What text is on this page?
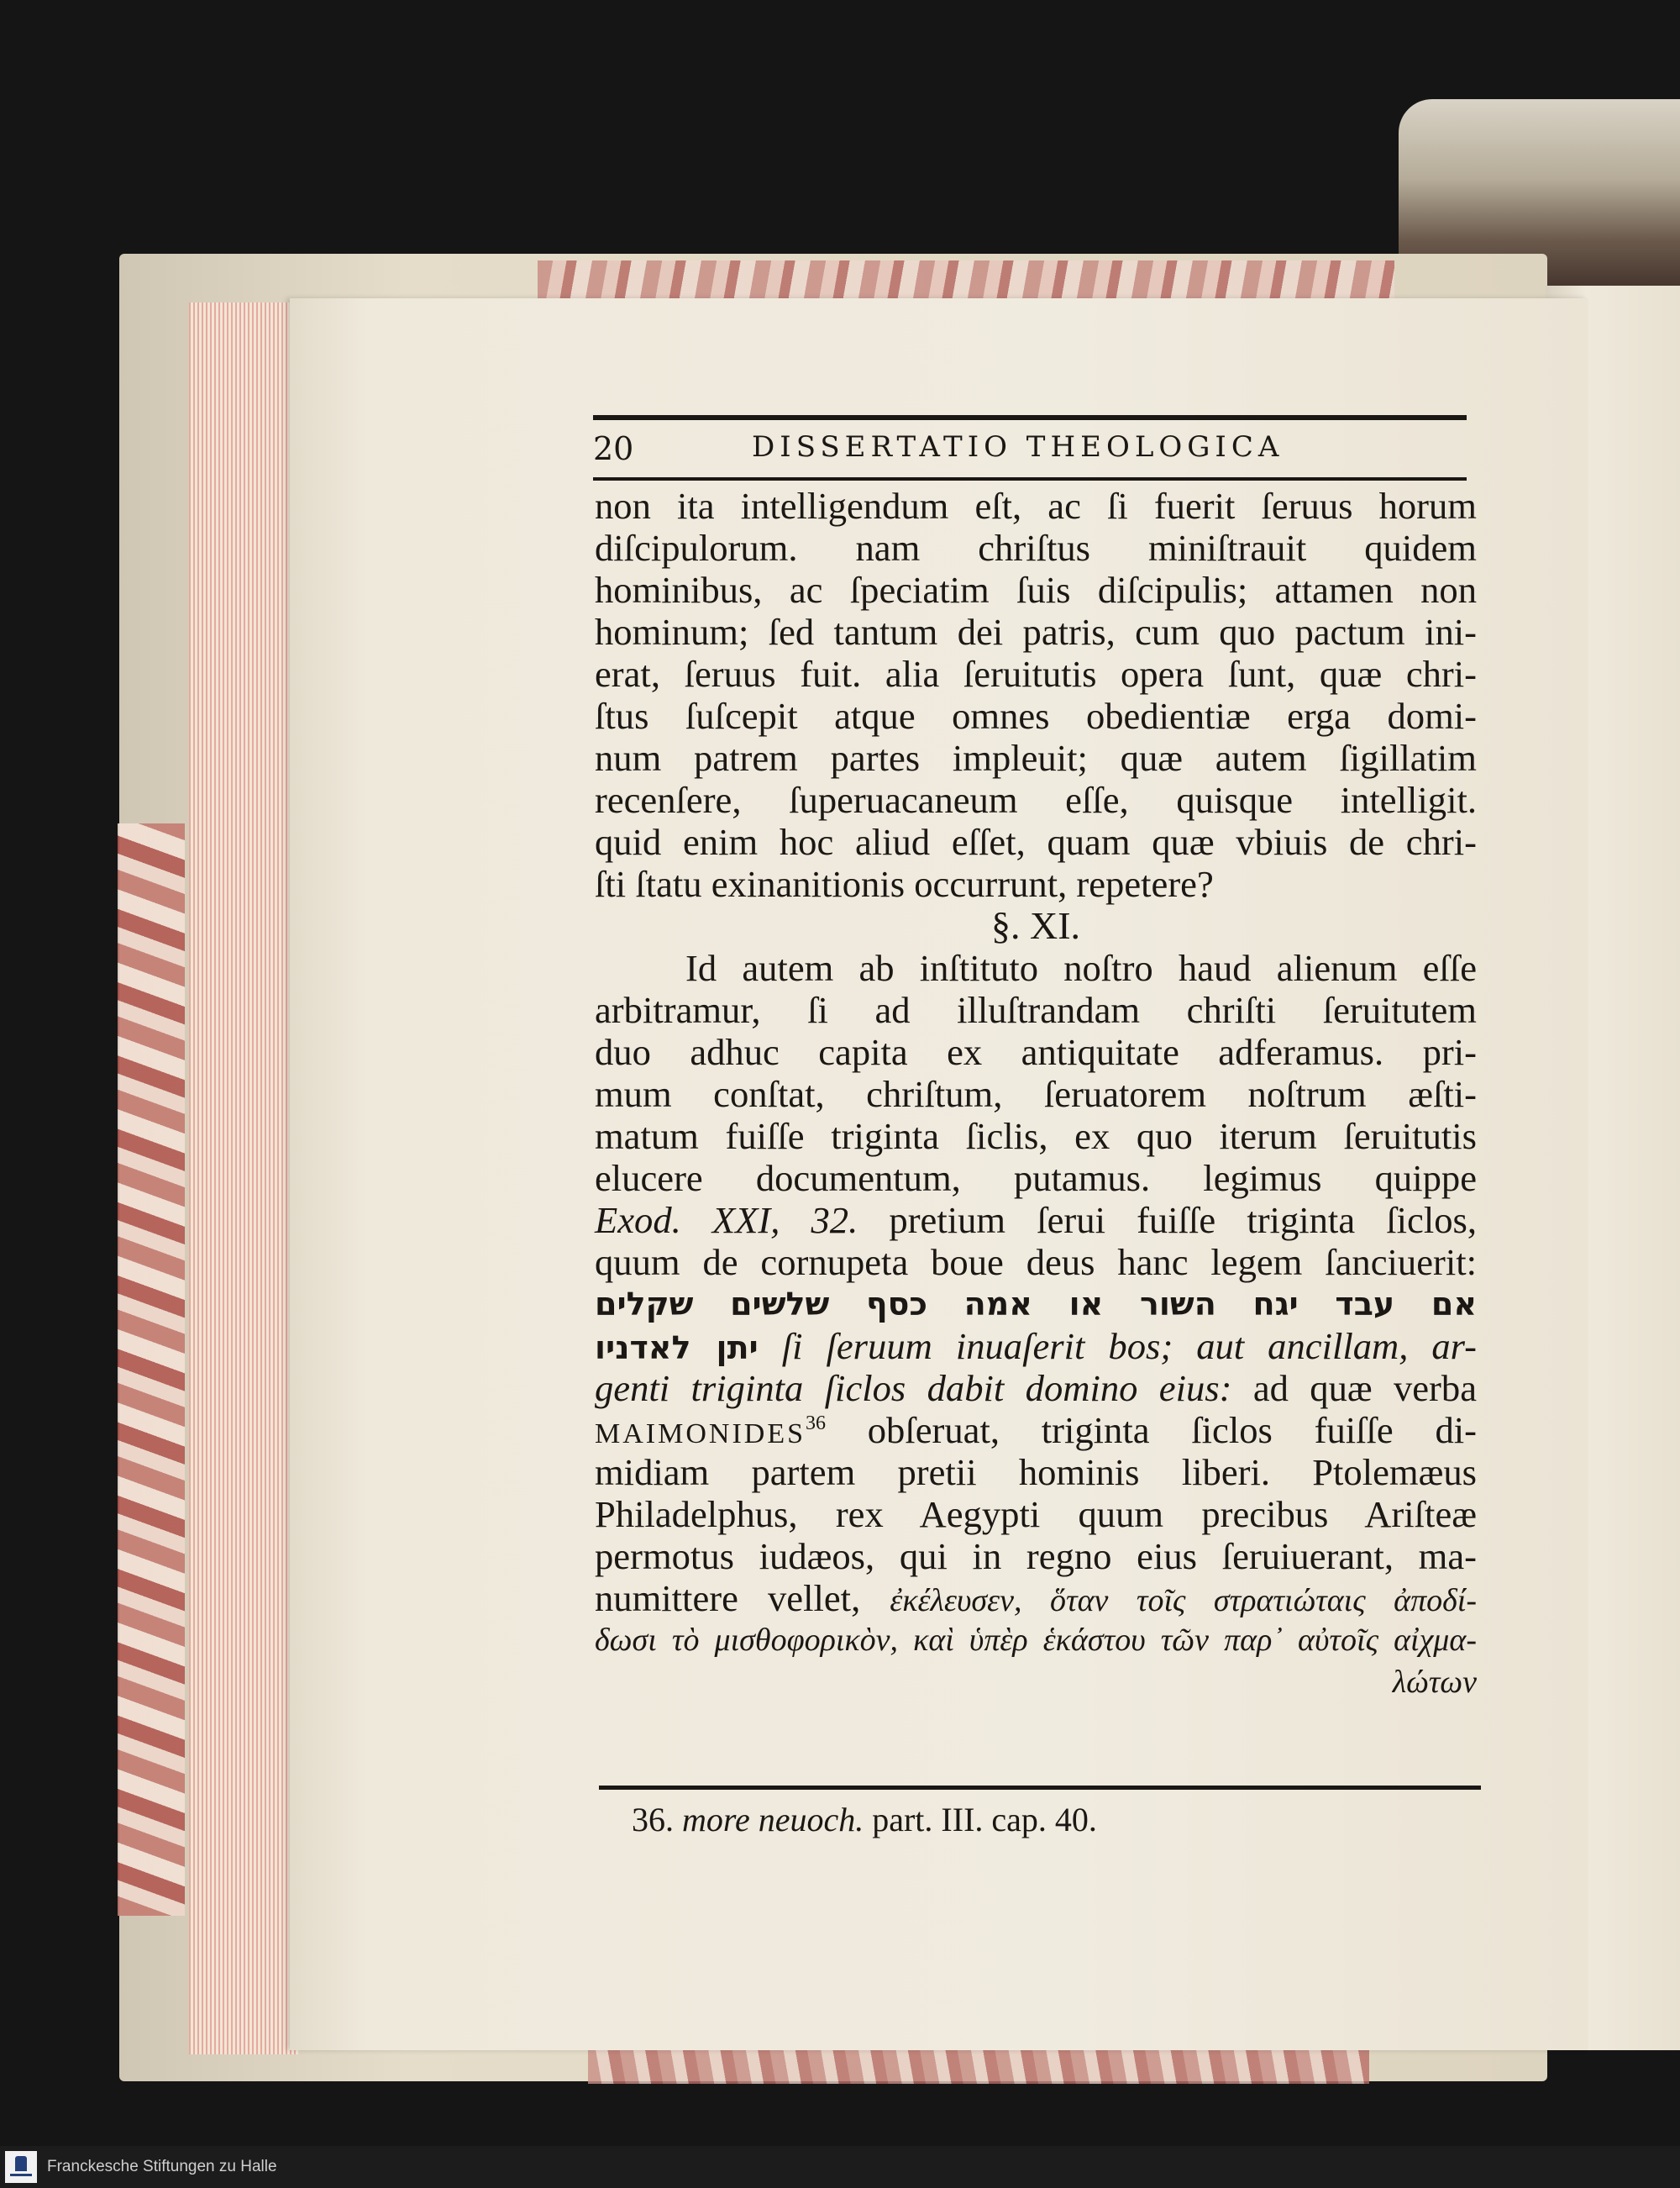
20	DISSERTATIO THEOLOGICA
non ita intelligendum eſt, ac ſi fuerit ſeruus horum
diſcipulorum. nam chriſtus miniſtrauit quidem
hominibus, ac ſpeciatim ſuis diſcipulis; attamen non
hominum; ſed tantum dei patris, cum quo pactum ini-
erat, ſeruus fuit. alia ſeruitutis opera ſunt, quæ chri-
ſtus ſuſcepit atque omnes obedientiæ erga domi-
num patrem partes impleuit; quæ autem ſigillatim
recenſere, ſuperuacaneum eſſe, quisque intelligit.
quid enim hoc aliud eſſet, quam quæ vbiuis de chri-
ſti ſtatu exinanitionis occurrunt, repetere?
§. XI.
Id autem ab inſtituto noſtro haud alienum eſſe
arbitramur, ſi ad illuſtrandam chriſti ſeruitutem
duo adhuc capita ex antiquitate adferamus. pri-
mum conſtat, chriſtum, ſeruatorem noſtrum æſti-
matum fuiſſe triginta ſiclis, ex quo iterum ſeruitutis
elucere documentum, putamus. legimus quippe
Exod. XXI, 32. pretium ſerui fuiſſe triginta ſiclos,
quum de cornupeta boue deus hanc legem ſanciuerit:
אם עבד יגח השור או אמה כסף שלשים שקלים
יתן לאדניו ſi ſeruum inuaſerit bos; aut ancillam, ar-
genti triginta ſiclos dabit domino eius: ad quæ verba
MAIMONIDES$^{36}$ obſeruat, triginta ſiclos fuiſſe di-
midiam partem pretii hominis liberi. Ptolemæus
Philadelphus, rex Aegypti quum precibus Ariſteæ
permotus iudæos, qui in regno eius ſeruiuerant, ma-
numittere vellet, ἐκέλευσεν, ὅταν τοῖς στρατιώταις ἀποδί-
δωσι τὸ μισθοφορικὸν, καὶ ὑπὲρ ἑκάστου τῶν παρ᾽ αὐτοῖς αἰχμα-
λώτων
36. more neuoch. part. III. cap. 40.
Franckesche Stiftungen zu Halle
